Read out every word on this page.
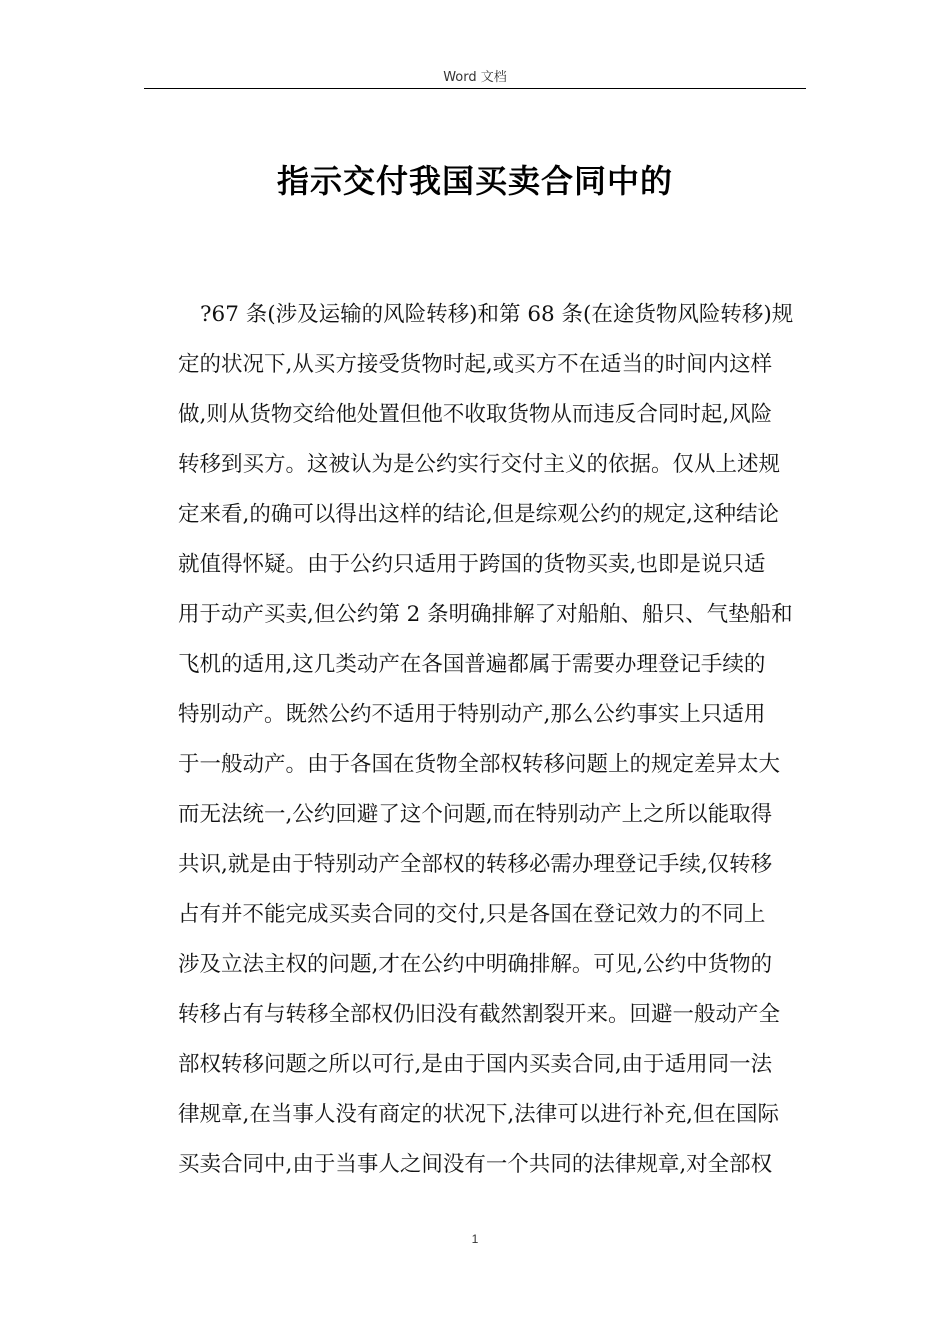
Word 文档
指示交付我国买卖合同中的
?67 条(涉及运输的风险转移)和第 68 条(在途货物风险转移)规
定的状况下,从买方接受货物时起,或买方不在适当的时间内这样
做,则从货物交给他处置但他不收取货物从而违反合同时起,风险
转移到买方。这被认为是公约实行交付主义的依据。仅从上述规
定来看,的确可以得出这样的结论,但是综观公约的规定,这种结论
就值得怀疑。由于公约只适用于跨国的货物买卖,也即是说只适
用于动产买卖,但公约第 2 条明确排解了对船舶、船只、气垫船和
飞机的适用,这几类动产在各国普遍都属于需要办理登记手续的
特别动产。既然公约不适用于特别动产,那么公约事实上只适用
于一般动产。由于各国在货物全部权转移问题上的规定差异太大
而无法统一,公约回避了这个问题,而在特别动产上之所以能取得
共识,就是由于特别动产全部权的转移必需办理登记手续,仅转移
占有并不能完成买卖合同的交付,只是各国在登记效力的不同上
涉及立法主权的问题,才在公约中明确排解。可见,公约中货物的
转移占有与转移全部权仍旧没有截然割裂开来。回避一般动产全
部权转移问题之所以可行,是由于国内买卖合同,由于适用同一法
律规章,在当事人没有商定的状况下,法律可以进行补充,但在国际
买卖合同中,由于当事人之间没有一个共同的法律规章,对全部权
1
